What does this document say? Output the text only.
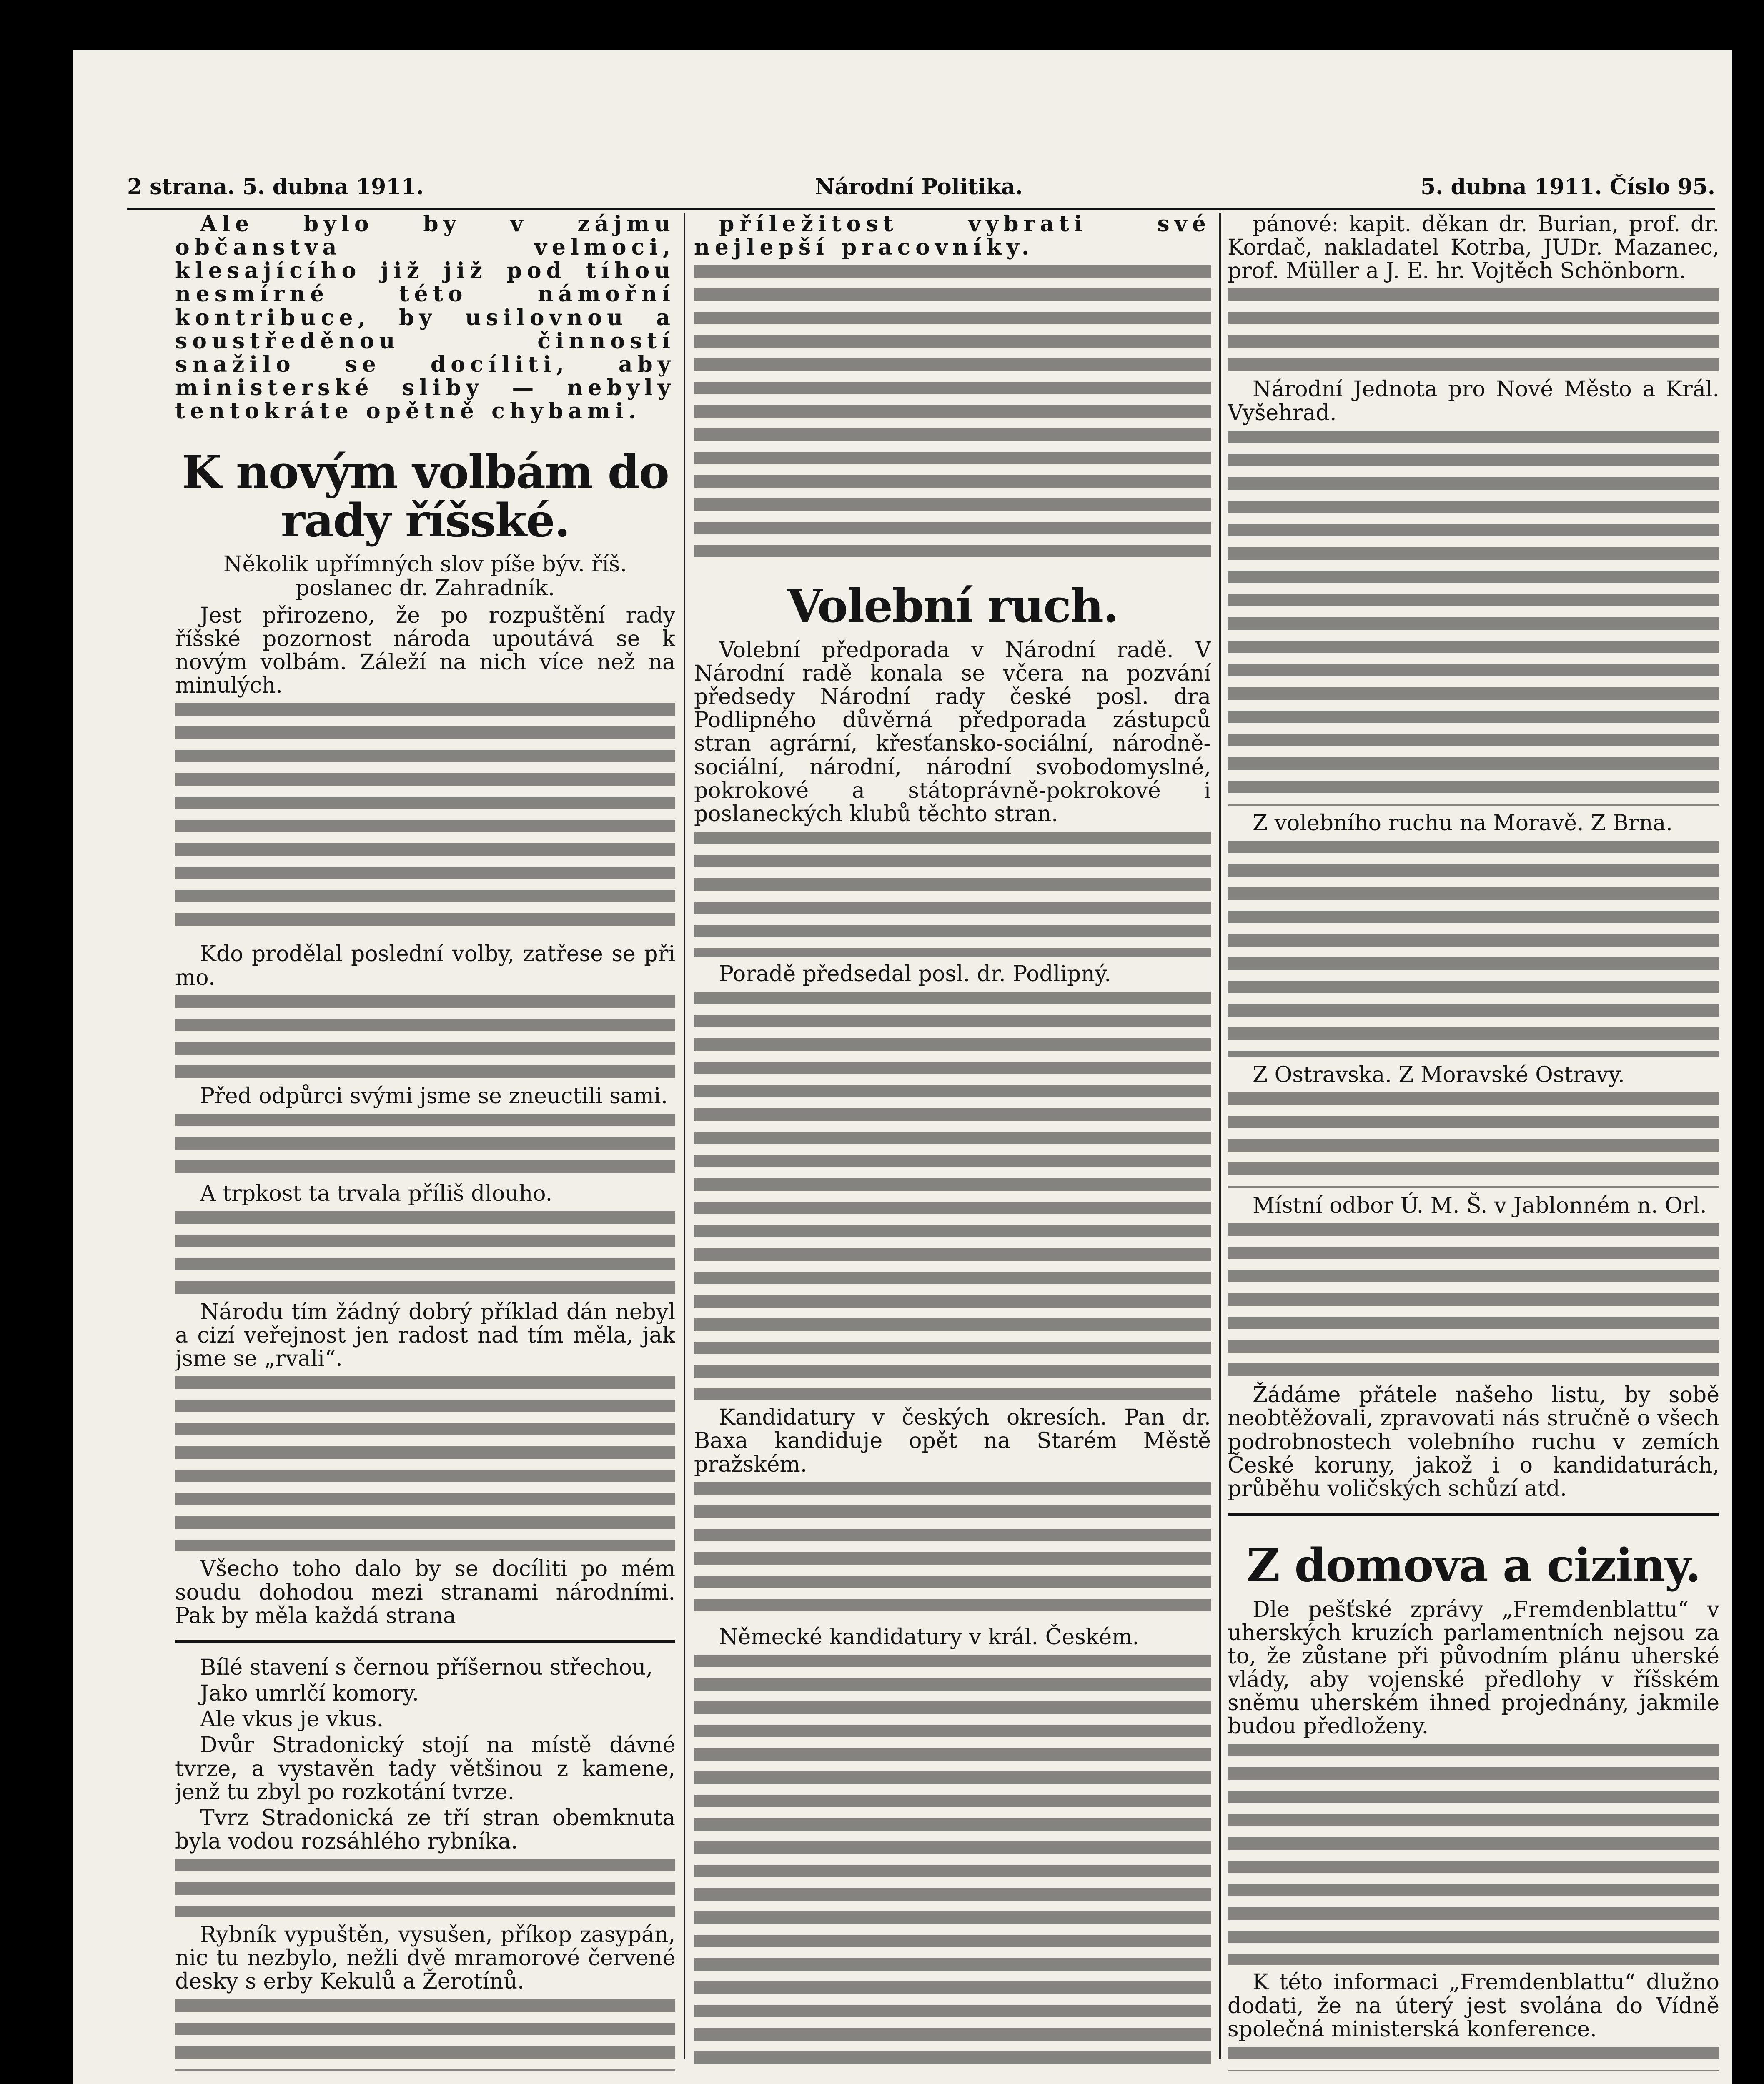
2 strana. 5. dubna 1911.	Národní Politika.	5. dubna 1911. Číslo 95.

Ale bylo by v zájmu občanstva velmoci, klesajícího již již pod tíhou nesmírné této námořní kontribuce, by usilovnou a soustředěnou činností snažilo se docíliti, aby ministerské sliby — nebyly tentokráte opětně chybami.

K novým volbám do rady říšské.
Několik upřímných slov píše býv. říš. poslanec dr. Zahradník.

Jest přirozeno, že po rozpuštění rady říšské pozornost národa upoutává se k novým volbám. Záleží na nich více než na minulých.

Kdo prodělal poslední volby, zatřese se při mo.

Před odpůrci svými jsme se zneuctili sami.

A trpkost ta trvala příliš dlouho.

Národu tím žádný dobrý příklad dán nebyl a cizí veřejnost jen radost nad tím měla, jak jsme se „rvali“.

Všecho toho dalo by se docíliti po mém soudu dohodou mezi stranami národními. Pak by měla každá strana

Bílé stavení s černou příšernou střechou,

Jako umrlčí komory.

Ale vkus je vkus.

Dvůr Stradonický stojí na místě dávné tvrze, a vystavěn tady většinou z kamene, jenž tu zbyl po rozkotání tvrze.

Tvrz Stradonická ze tří stran obemknuta byla vodou rozsáhlého rybníka.

Rybník vypuštěn, vysušen, příkop zasypán, nic tu nezbylo, nežli dvě mramorové červené desky s erby Kekulů a Žerotínů.

příležitost vybrati své nejlepší pracovníky.

Volební ruch.

Volební předporada v Národní radě. V Národní radě konala se včera na pozvání předsedy Národní rady české posl. dra Podlipného důvěrná předporada zástupců stran agrární, křesťansko-sociální, národně-sociální, národní, národní svobodomyslné, pokrokové a státoprávně-pokrokové i poslaneckých klubů těchto stran.

Poradě předsedal posl. dr. Podlipný.

Kandidatury v českých okresích. Pan dr. Baxa kandiduje opět na Starém Městě pražském.

Německé kandidatury v král. Českém.

pánové: kapit. děkan dr. Burian, prof. dr. Kordač, nakladatel Kotrba, JUDr. Mazanec, prof. Müller a J. E. hr. Vojtěch Schönborn.

Národní Jednota pro Nové Město a Král. Vyšehrad.

Z volebního ruchu na Moravě. Z Brna.

Z Ostravska. Z Moravské Ostravy.

Místní odbor Ú. M. Š. v Jablonném n. Orl.

Žádáme přátele našeho listu, by sobě neobtěžovali, zpravovati nás stručně o všech podrobnostech volebního ruchu v zemích České koruny, jakož i o kandidaturách, průběhu voličských schůzí atd.

Z domova a ciziny.

Dle pešťské zprávy „Fremdenblattu“ v uherských kruzích parlamentních nejsou za to, že zůstane při původním plánu uherské vlády, aby vojenské předlohy v říšském sněmu uherském ihned projednány, jakmile budou předloženy.

K této informaci „Fremdenblattu“ dlužno dodati, že na úterý jest svolána do Vídně společná ministerská konference.
